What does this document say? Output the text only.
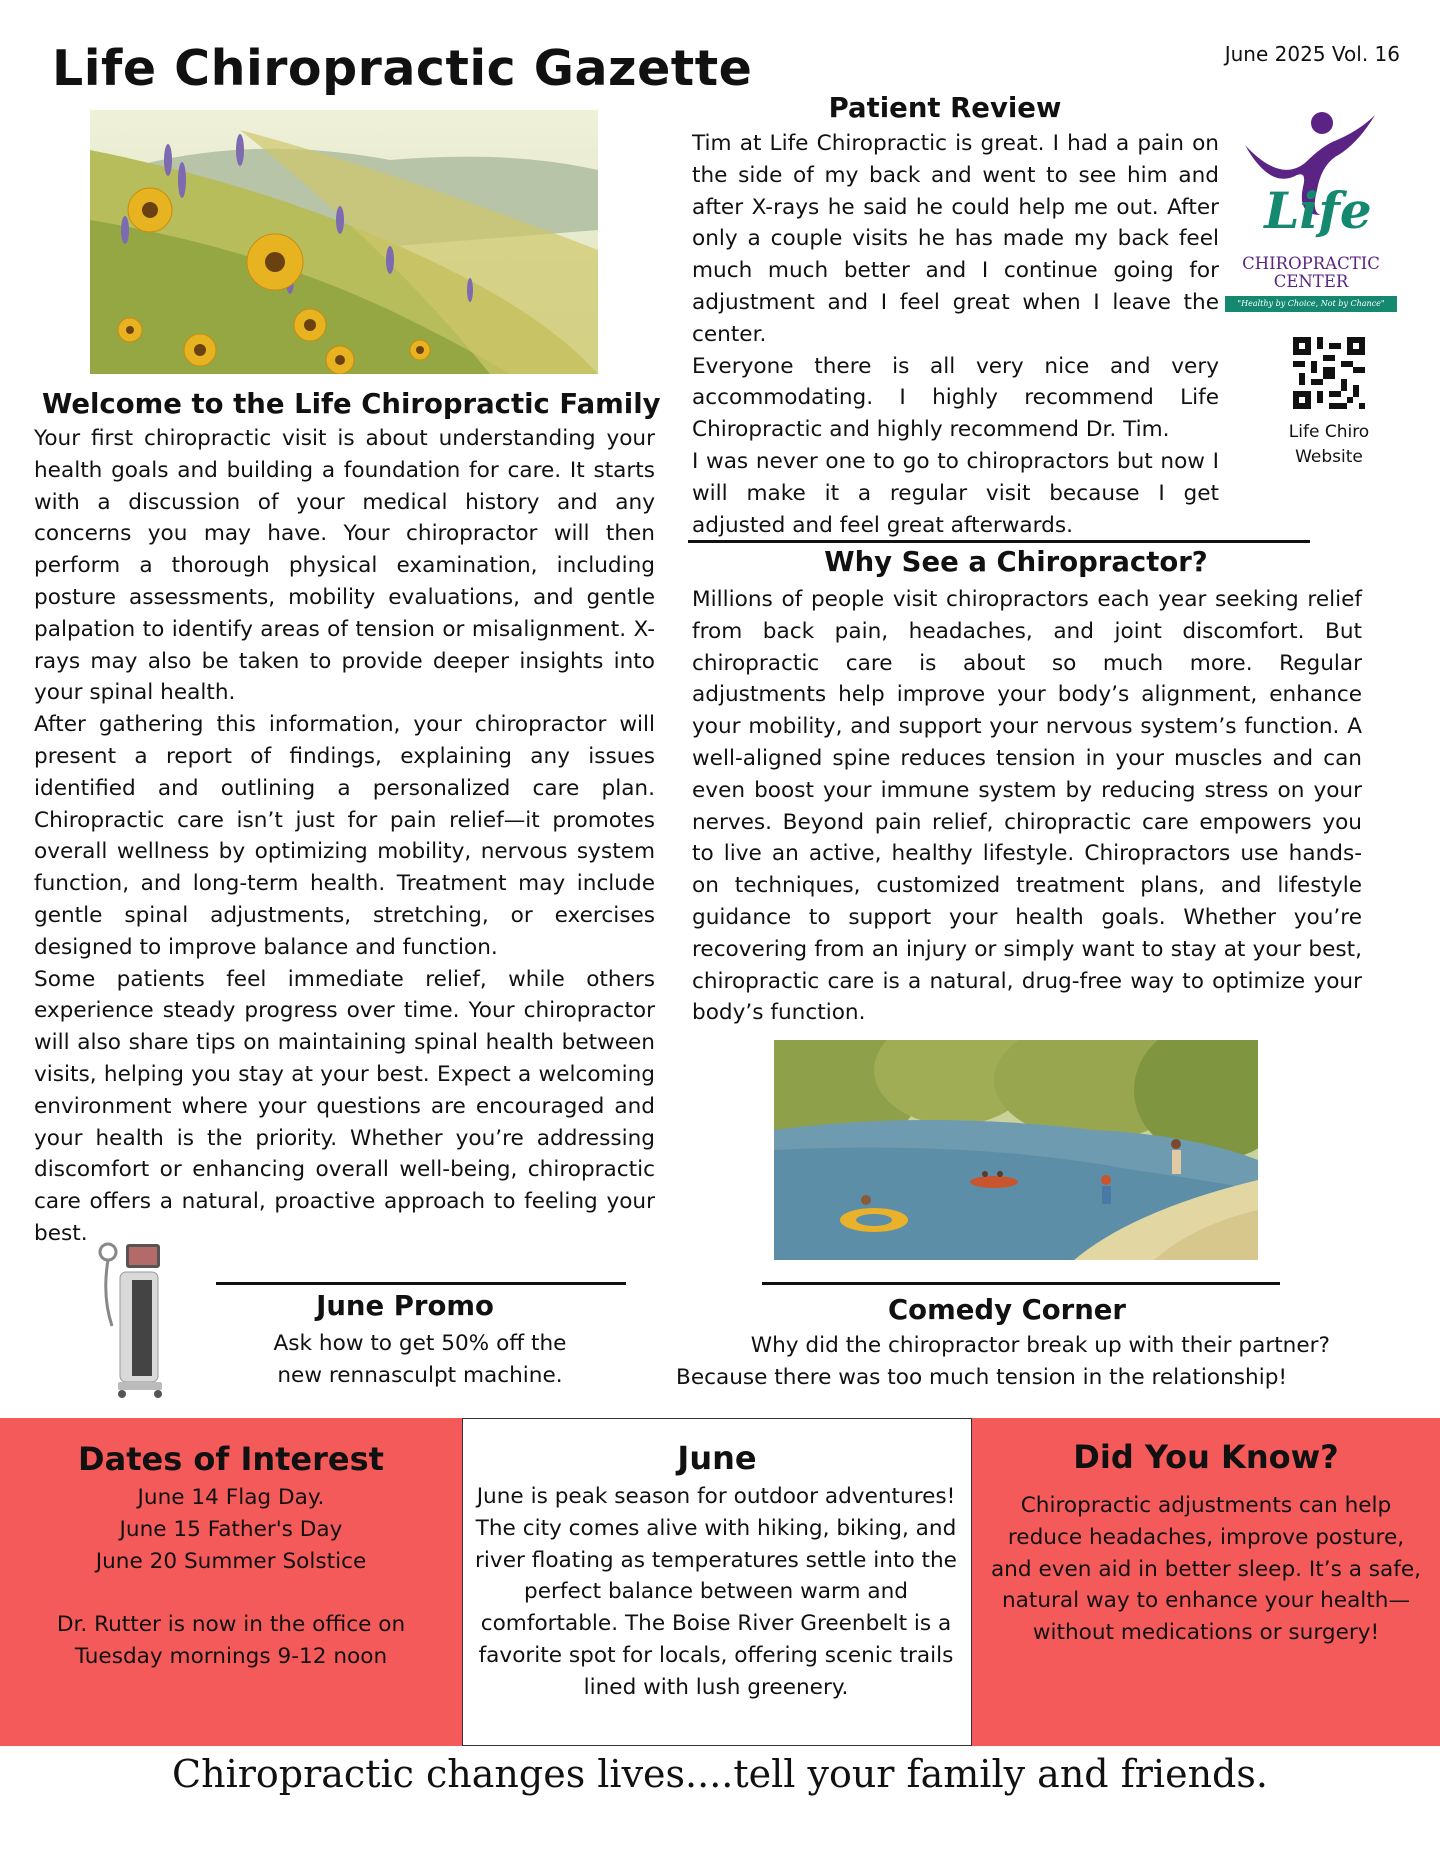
Life Chiropractic Gazette	June 2025 Vol. 16
Welcome to the Life Chiropractic Family

Your first chiropractic visit is about understanding your health goals and building a foundation for care. It starts with a discussion of your medical history and any concerns you may have. Your chiropractor will then perform a thorough physical examination, including posture assessments, mobility evaluations, and gentle palpation to identify areas of tension or misalignment. X-rays may also be taken to provide deeper insights into your spinal health.

After gathering this information, your chiropractor will present a report of findings, explaining any issues identified and outlining a personalized care plan. Chiropractic care isn’t just for pain relief—it promotes overall wellness by optimizing mobility, nervous system function, and long-term health. Treatment may include gentle spinal adjustments, stretching, or exercises designed to improve balance and function.

Some patients feel immediate relief, while others experience steady progress over time. Your chiropractor will also share tips on maintaining spinal health between visits, helping you stay at your best. Expect a welcoming environment where your questions are encouraged and your health is the priority. Whether you’re addressing discomfort or enhancing overall well-being, chiropractic care offers a natural, proactive approach to feeling your best.

Patient Review

Tim at Life Chiropractic is great. I had a pain on the side of my back and went to see him and after X-rays he said he could help me out. After only a couple visits he has made my back feel much much better and I continue going for adjustment and I feel great when I leave the center.

Everyone there is all very nice and very accommodating. I highly recommend Life Chiropractic and highly recommend Dr. Tim.

I was never one to go to chiropractors but now I will make it a regular visit because I get adjusted and feel great afterwards.

Life
CHIROPRACTIC
CENTER
"Healthy by Choice, Not by Chance"
Life Chiro
Website
Why See a Chiropractor?
Millions of people visit chiropractors each year seeking relief from back pain, headaches, and joint discomfort. But chiropractic care is about so much more. Regular adjustments help improve your body’s alignment, enhance your mobility, and support your nervous system’s function. A well-aligned spine reduces tension in your muscles and can even boost your immune system by reducing stress on your nerves. Beyond pain relief, chiropractic care empowers you to live an active, healthy lifestyle. Chiropractors use hands-on techniques, customized treatment plans, and lifestyle guidance to support your health goals. Whether you’re recovering from an injury or simply want to stay at your best, chiropractic care is a natural, drug-free way to optimize your body’s function.
June Promo
Ask how to get 50% off the
new rennasculpt machine.
Comedy Corner
Why did the chiropractor break up with their partner?
Because there was too much tension in the relationship!
Dates of Interest
June 14 Flag Day.
June 15 Father's Day
June 20 Summer Solstice
Dr. Rutter is now in the office on
Tuesday mornings 9-12 noon
June
June is peak season for outdoor adventures! The city comes alive with hiking, biking, and river floating as temperatures settle into the perfect balance between warm and comfortable. The Boise River Greenbelt is a favorite spot for locals, offering scenic trails lined with lush greenery.
Did You Know?
Chiropractic adjustments can help reduce headaches, improve posture, and even aid in better sleep. It’s a safe, natural way to enhance your health—without medications or surgery!
Chiropractic changes lives....tell your family and friends.
